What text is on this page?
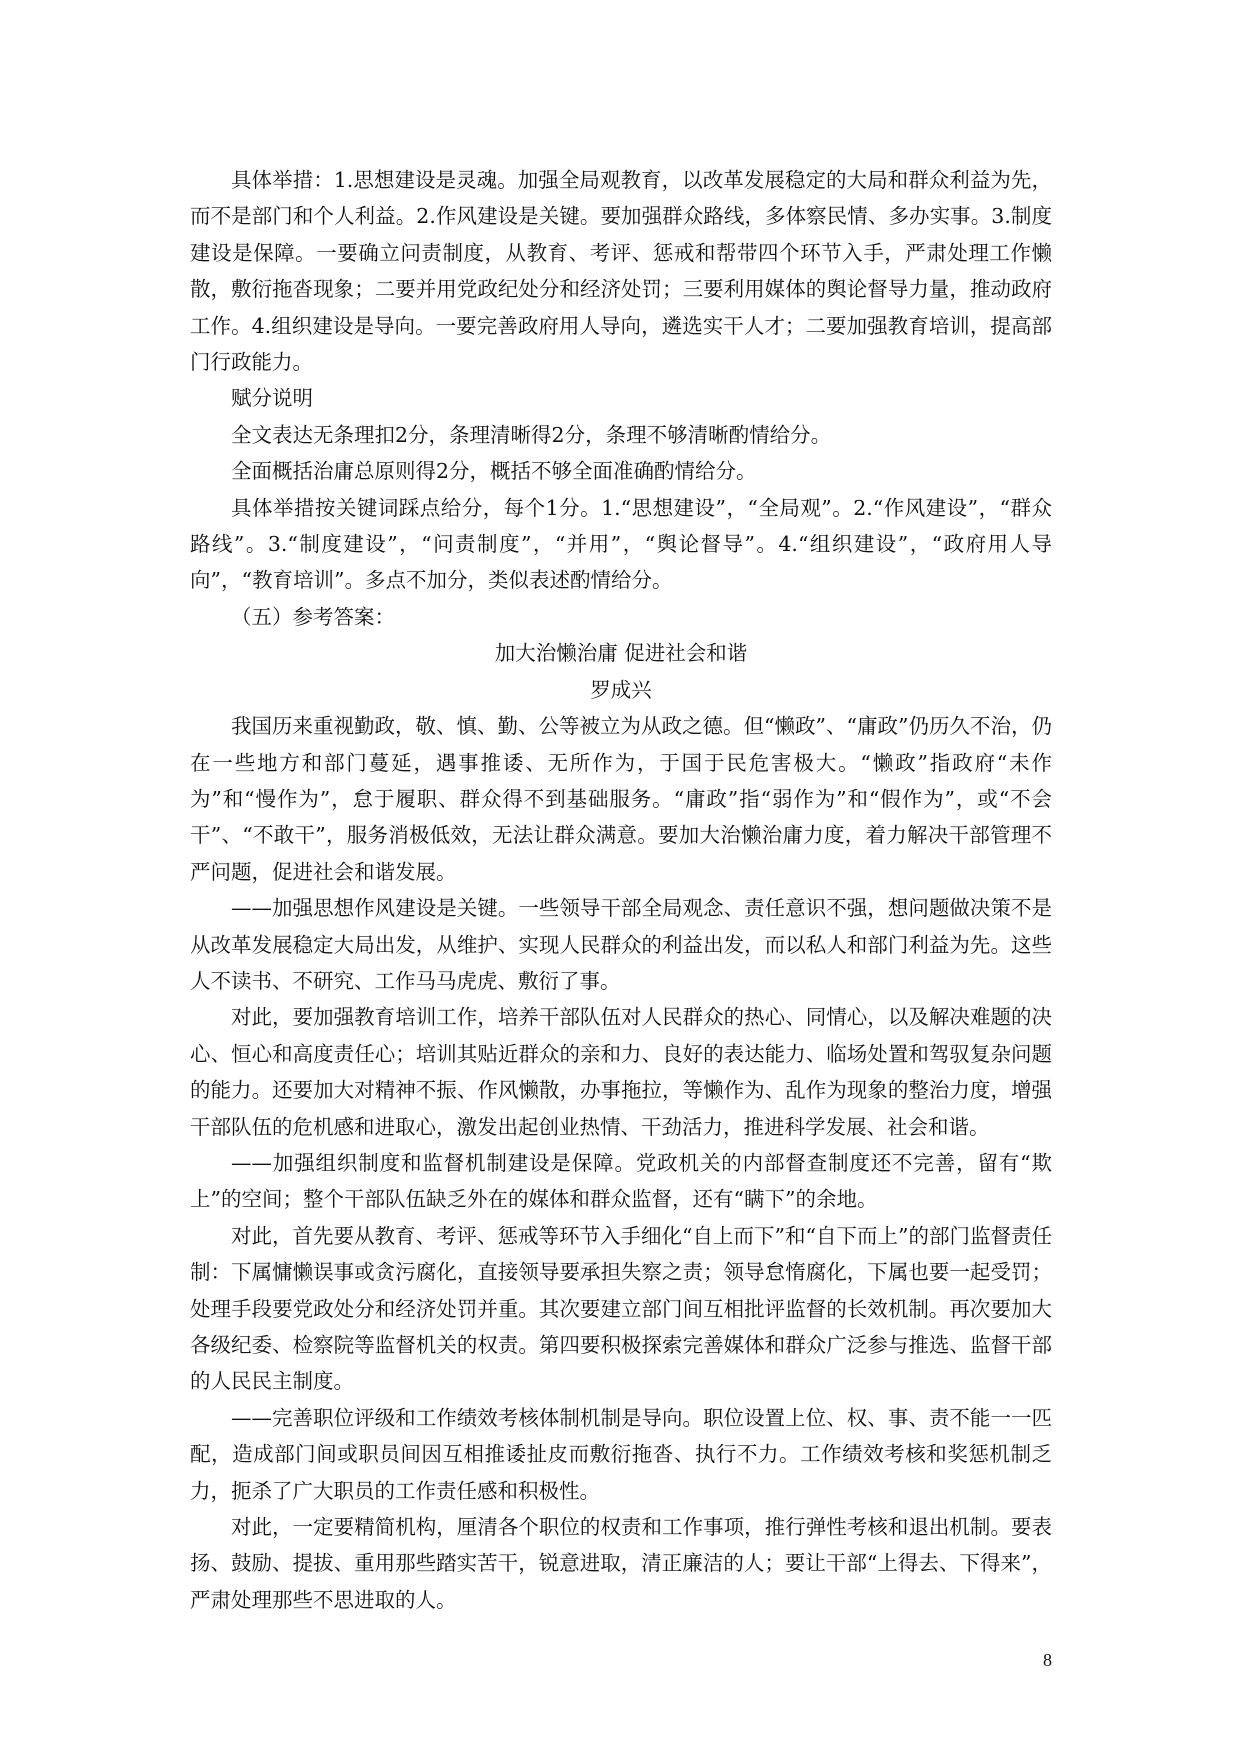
具体举措：1.思想建设是灵魂。加强全局观教育，以改革发展稳定的大局和群众利益为先，而不是部门和个人利益。2.作风建设是关键。要加强群众路线，多体察民情、多办实事。3.制度建设是保障。一要确立问责制度，从教育、考评、惩戒和帮带四个环节入手，严肃处理工作懒散，敷衍拖沓现象；二要并用党政纪处分和经济处罚；三要利用媒体的舆论督导力量，推动政府工作。4.组织建设是导向。一要完善政府用人导向，遴选实干人才；二要加强教育培训，提高部门行政能力。

赋分说明

全文表达无条理扣2分，条理清晰得2分，条理不够清晰酌情给分。

全面概括治庸总原则得2分，概括不够全面准确酌情给分。

具体举措按关键词踩点给分，每个1分。1.“思想建设”，“全局观”。2.“作风建设”，“群众路线”。3.“制度建设”，“问责制度”，“并用”，“舆论督导”。4.“组织建设”，“政府用人导向”，“教育培训”。多点不加分，类似表述酌情给分。

（五）参考答案：

加大治懒治庸 促进社会和谐

罗成兴

我国历来重视勤政，敬、慎、勤、公等被立为从政之德。但“懒政”、“庸政”仍历久不治，仍在一些地方和部门蔓延，遇事推诿、无所作为，于国于民危害极大。“懒政”指政府“未作为”和“慢作为”，怠于履职、群众得不到基础服务。“庸政”指“弱作为”和“假作为”，或“不会干”、“不敢干”，服务消极低效，无法让群众满意。要加大治懒治庸力度，着力解决干部管理不严问题，促进社会和谐发展。

——加强思想作风建设是关键。一些领导干部全局观念、责任意识不强，想问题做决策不是从改革发展稳定大局出发，从维护、实现人民群众的利益出发，而以私人和部门利益为先。这些人不读书、不研究、工作马马虎虎、敷衍了事。

对此，要加强教育培训工作，培养干部队伍对人民群众的热心、同情心，以及解决难题的决心、恒心和高度责任心；培训其贴近群众的亲和力、良好的表达能力、临场处置和驾驭复杂问题的能力。还要加大对精神不振、作风懒散，办事拖拉，等懒作为、乱作为现象的整治力度，增强干部队伍的危机感和进取心，激发出起创业热情、干劲活力，推进科学发展、社会和谐。

——加强组织制度和监督机制建设是保障。党政机关的内部督查制度还不完善，留有“欺上”的空间；整个干部队伍缺乏外在的媒体和群众监督，还有“瞒下”的余地。

对此，首先要从教育、考评、惩戒等环节入手细化“自上而下”和“自下而上”的部门监督责任制：下属慵懒误事或贪污腐化，直接领导要承担失察之责；领导怠惰腐化，下属也要一起受罚；处理手段要党政处分和经济处罚并重。其次要建立部门间互相批评监督的长效机制。再次要加大各级纪委、检察院等监督机关的权责。第四要积极探索完善媒体和群众广泛参与推选、监督干部的人民民主制度。

——完善职位评级和工作绩效考核体制机制是导向。职位设置上位、权、事、责不能一一匹配，造成部门间或职员间因互相推诿扯皮而敷衍拖沓、执行不力。工作绩效考核和奖惩机制乏力，扼杀了广大职员的工作责任感和积极性。

对此，一定要精简机构，厘清各个职位的权责和工作事项，推行弹性考核和退出机制。要表扬、鼓励、提拔、重用那些踏实苦干，锐意进取，清正廉洁的人；要让干部“上得去、下得来”，严肃处理那些不思进取的人。

8
